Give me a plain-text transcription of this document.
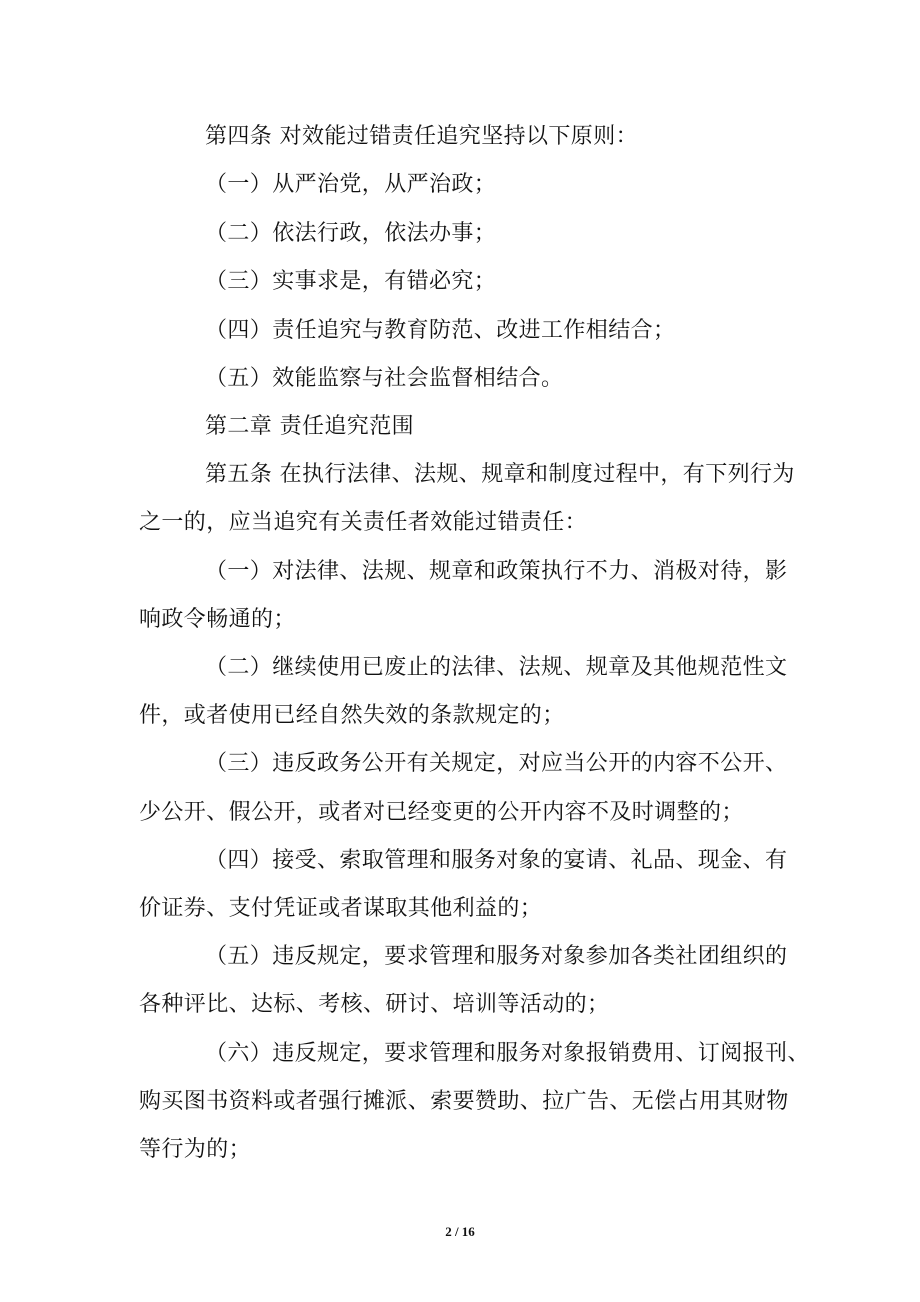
第四条 对效能过错责任追究坚持以下原则：
（一）从严治党，从严治政；
（二）依法行政，依法办事；
（三）实事求是，有错必究；
（四）责任追究与教育防范、改进工作相结合；
（五）效能监察与社会监督相结合。
第二章 责任追究范围
第五条 在执行法律、法规、规章和制度过程中，有下列行为
之一的，应当追究有关责任者效能过错责任：
（一）对法律、法规、规章和政策执行不力、消极对待，影
响政令畅通的；
（二）继续使用已废止的法律、法规、规章及其他规范性文
件，或者使用已经自然失效的条款规定的；
（三）违反政务公开有关规定，对应当公开的内容不公开、
少公开、假公开，或者对已经变更的公开内容不及时调整的；
（四）接受、索取管理和服务对象的宴请、礼品、现金、有
价证券、支付凭证或者谋取其他利益的；
（五）违反规定，要求管理和服务对象参加各类社团组织的
各种评比、达标、考核、研讨、培训等活动的；
（六）违反规定，要求管理和服务对象报销费用、订阅报刊、
购买图书资料或者强行摊派、索要赞助、拉广告、无偿占用其财物
等行为的；
2 / 16
